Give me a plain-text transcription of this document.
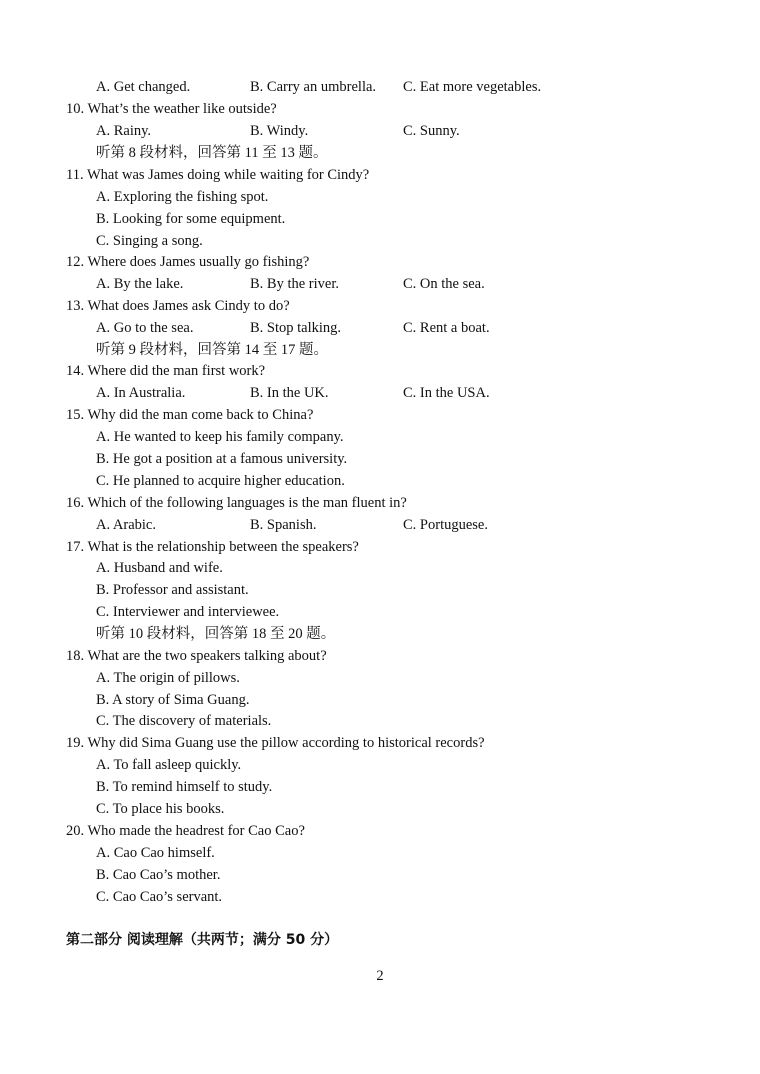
A. Get changed.	B. Carry an umbrella. C. Eat more vegetables.
10. What’s the weather like outside?
A. Rainy.	B. Windy.	C. Sunny.
听第 8 段材料，回答第 11 至 13 题。
11. What was James doing while waiting for Cindy?
A. Exploring the fishing spot.
B. Looking for some equipment.
C. Singing a song.
12. Where does James usually go fishing?
A. By the lake.	B. By the river.	C. On the sea.
13. What does James ask Cindy to do?
A. Go to the sea.	B. Stop talking.	C. Rent a boat.
听第 9 段材料，回答第 14 至 17 题。
14. Where did the man first work?
A. In Australia.	B. In the UK.	C. In the USA.
15. Why did the man come back to China?
A. He wanted to keep his family company.
B. He got a position at a famous university.
C. He planned to acquire higher education.
16. Which of the following languages is the man fluent in?
A. Arabic.	B. Spanish.	C. Portuguese.
17. What is the relationship between the speakers?
A. Husband and wife.
B. Professor and assistant.
C. Interviewer and interviewee.
听第 10 段材料，回答第 18 至 20 题。
18. What are the two speakers talking about?
A. The origin of pillows.
B. A story of Sima Guang.
C. The discovery of materials.
19. Why did Sima Guang use the pillow according to historical records?
A. To fall asleep quickly.
B. To remind himself to study.
C. To place his books.
20. Who made the headrest for Cao Cao?
A. Cao Cao himself.
B. Cao Cao’s mother.
C. Cao Cao’s servant.
第二部分 阅读理解（共两节；满分 50 分）
2
